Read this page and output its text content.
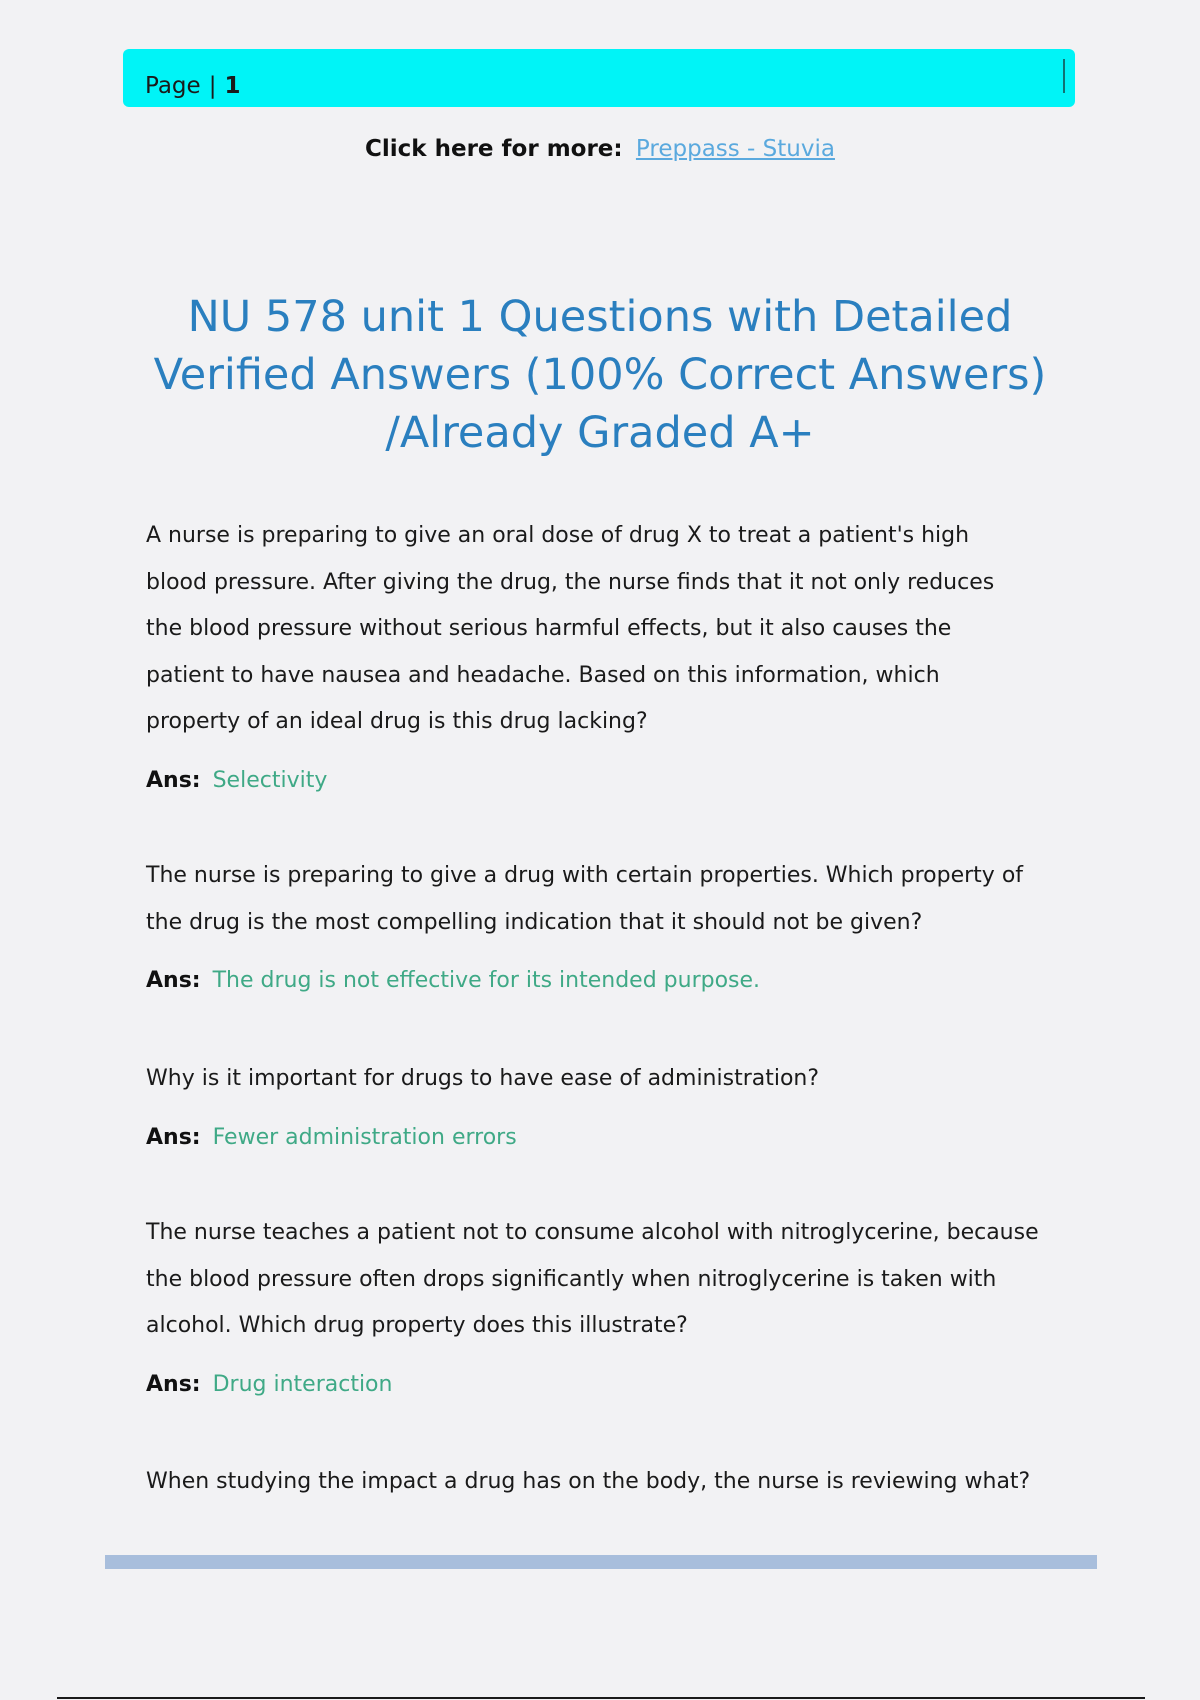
Page | 1
Click here for more: Preppass - Stuvia
NU 578 unit 1 Questions with Detailed
Verified Answers (100% Correct Answers)
/Already Graded A+

A nurse is preparing to give an oral dose of drug X to treat a patient's high blood pressure. After giving the drug, the nurse finds that it not only reduces the blood pressure without serious harmful effects, but it also causes the patient to have nausea and headache. Based on this information, which property of an ideal drug is this drug lacking?

Ans: Selectivity

The nurse is preparing to give a drug with certain properties. Which property of the drug is the most compelling indication that it should not be given?

Ans: The drug is not effective for its intended purpose.

Why is it important for drugs to have ease of administration?

Ans: Fewer administration errors

The nurse teaches a patient not to consume alcohol with nitroglycerine, because the blood pressure often drops significantly when nitroglycerine is taken with alcohol. Which drug property does this illustrate?

Ans: Drug interaction

When studying the impact a drug has on the body, the nurse is reviewing what?
